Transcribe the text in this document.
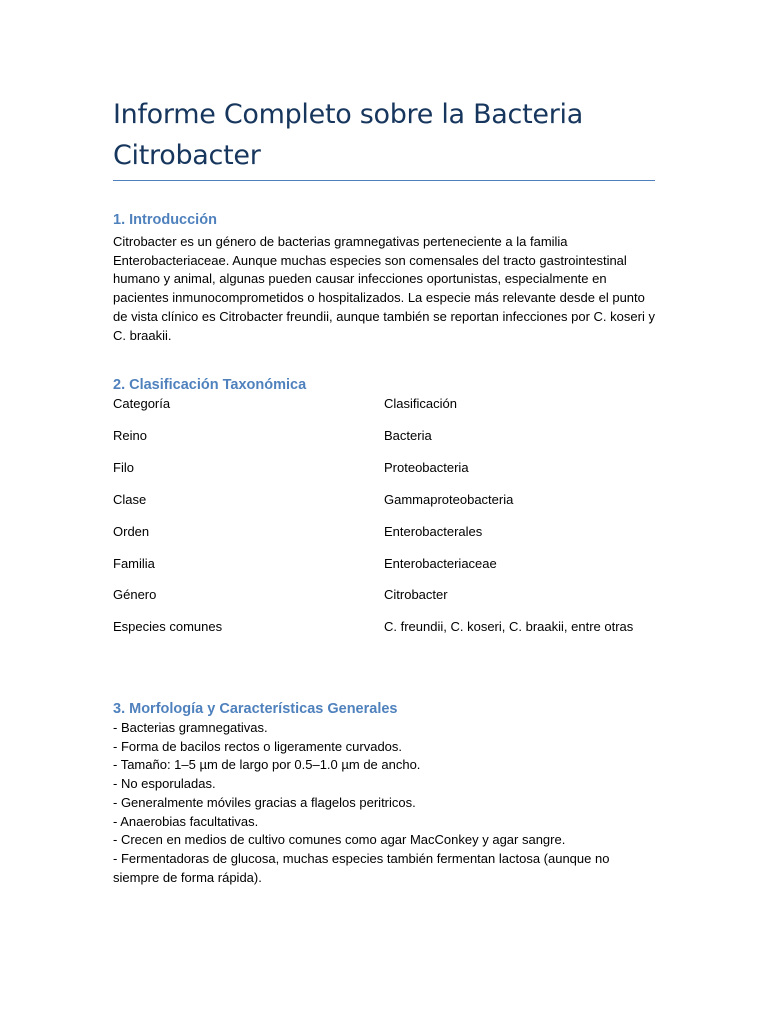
Informe Completo sobre la Bacteria Citrobacter
1. Introducción

Citrobacter es un género de bacterias gramnegativas perteneciente a la familia Enterobacteriaceae. Aunque muchas especies son comensales del tracto gastrointestinal humano y animal, algunas pueden causar infecciones oportunistas, especialmente en pacientes inmunocomprometidos o hospitalizados. La especie más relevante desde el punto de vista clínico es Citrobacter freundii, aunque también se reportan infecciones por C. koseri y C. braakii.

2. Clasificación Taxonómica
Categoría	Clasificación
Reino	Bacteria
Filo	Proteobacteria
Clase	Gammaproteobacteria
Orden	Enterobacterales
Familia	Enterobacteriaceae
Género	Citrobacter
Especies comunes	C. freundii, C. koseri, C. braakii, entre otras
3. Morfología y Características Generales
- Bacterias gramnegativas.
- Forma de bacilos rectos o ligeramente curvados.
- Tamaño: 1–5 µm de largo por 0.5–1.0 µm de ancho.
- No esporuladas.
- Generalmente móviles gracias a flagelos peritricos.
- Anaerobias facultativas.
- Crecen en medios de cultivo comunes como agar MacConkey y agar sangre.
- Fermentadoras de glucosa, muchas especies también fermentan lactosa (aunque no siempre de forma rápida).
